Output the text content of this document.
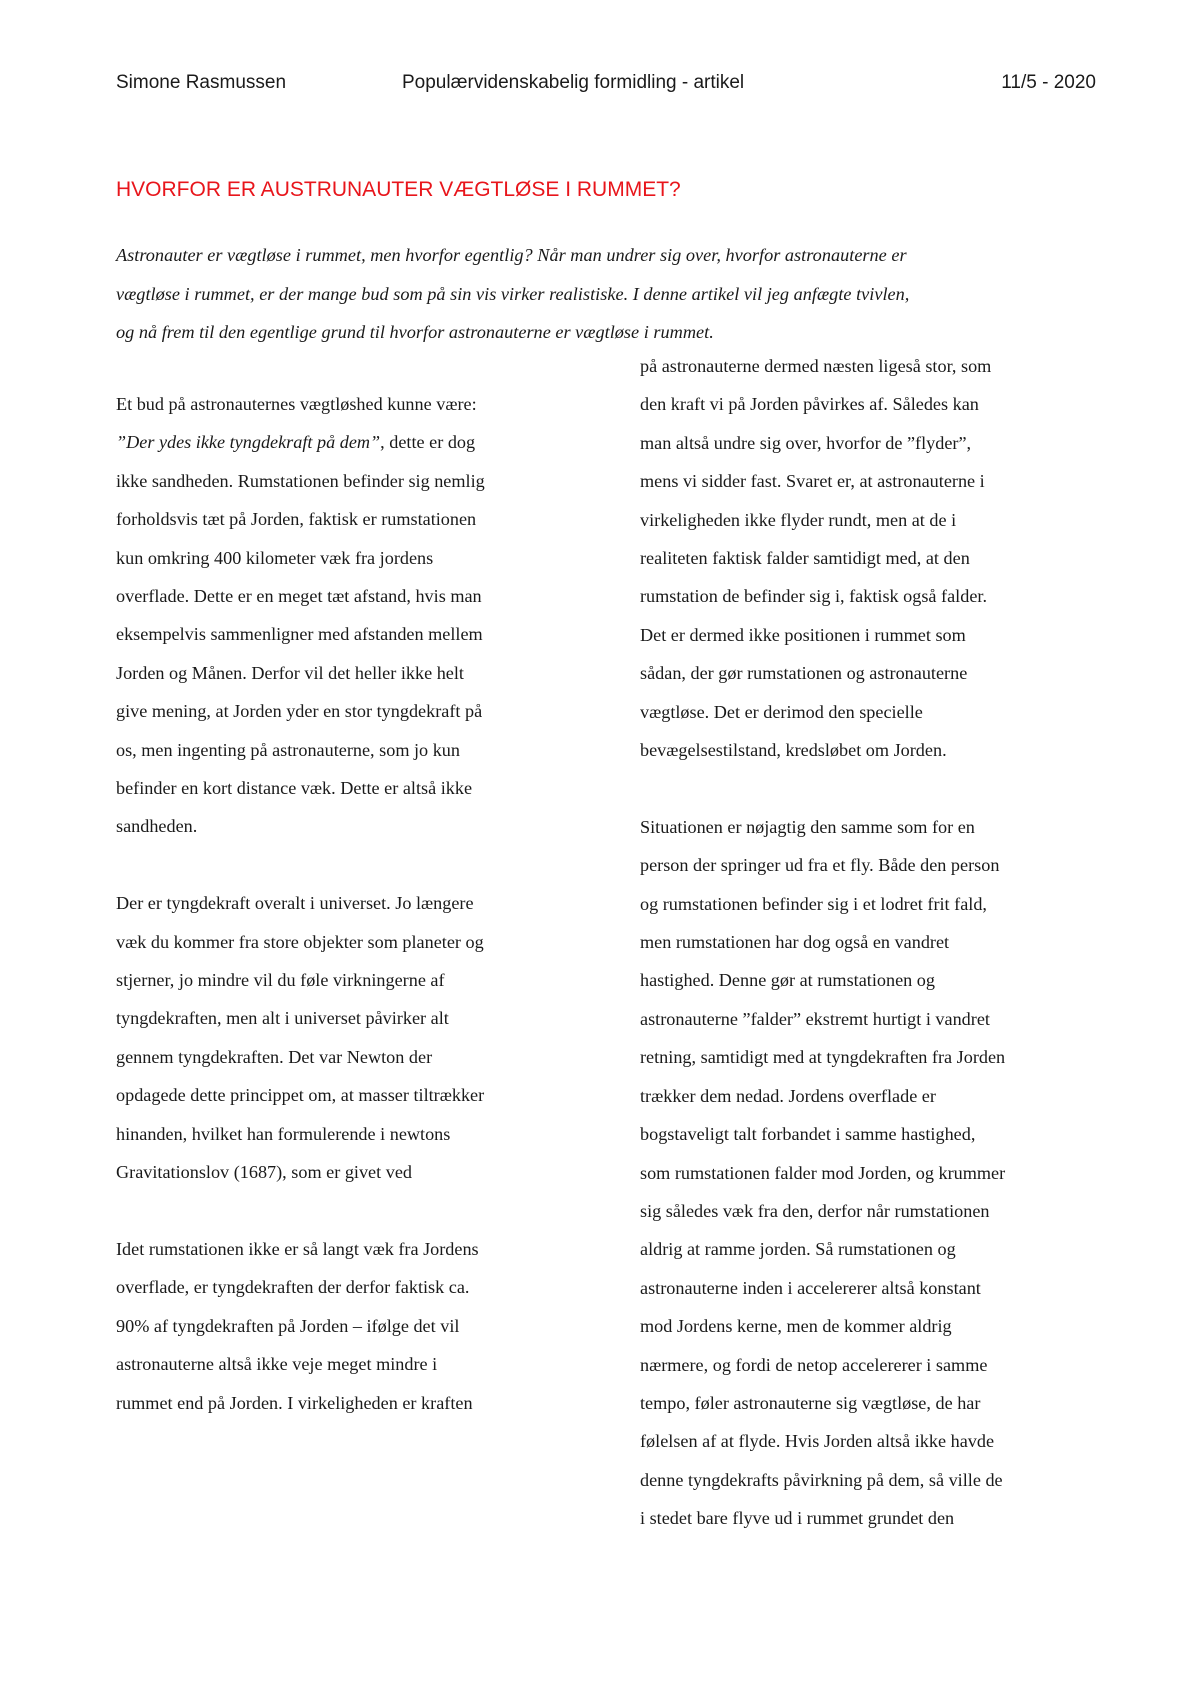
Simone Rasmussen	Populærvidenskabelig formidling - artikel	11/5 - 2020
HVORFOR ER AUSTRUNAUTER VÆGTLØSE I RUMMET?

Astronauter er vægtløse i rummet, men hvorfor egentlig? Når man undrer sig over, hvorfor astronauterne er
vægtløse i rummet, er der mange bud som på sin vis virker realistiske. I denne artikel vil jeg anfægte tvivlen,
og nå frem til den egentlige grund til hvorfor astronauterne er vægtløse i rummet.

Et bud på astronauternes vægtløshed kunne være:
”Der ydes ikke tyngdekraft på dem”, dette er dog
ikke sandheden. Rumstationen befinder sig nemlig
forholdsvis tæt på Jorden, faktisk er rumstationen
kun omkring 400 kilometer væk fra jordens
overflade. Dette er en meget tæt afstand, hvis man
eksempelvis sammenligner med afstanden mellem
Jorden og Månen. Derfor vil det heller ikke helt
give mening, at Jorden yder en stor tyngdekraft på
os, men ingenting på astronauterne, som jo kun
befinder en kort distance væk. Dette er altså ikke
sandheden.
Der er tyngdekraft overalt i universet. Jo længere
væk du kommer fra store objekter som planeter og
stjerner, jo mindre vil du føle virkningerne af
tyngdekraften, men alt i universet påvirker alt
gennem tyngdekraften. Det var Newton der
opdagede dette princippet om, at masser tiltrækker
hinanden, hvilket han formulerende i newtons
Gravitationslov (1687), som er givet ved
Idet rumstationen ikke er så langt væk fra Jordens
overflade, er tyngdekraften der derfor faktisk ca.
90% af tyngdekraften på Jorden – ifølge det vil
astronauterne altså ikke veje meget mindre i
rummet end på Jorden. I virkeligheden er kraften
på astronauterne dermed næsten ligeså stor, som
den kraft vi på Jorden påvirkes af. Således kan
man altså undre sig over, hvorfor de ”flyder”,
mens vi sidder fast. Svaret er, at astronauterne i
virkeligheden ikke flyder rundt, men at de i
realiteten faktisk falder samtidigt med, at den
rumstation de befinder sig i, faktisk også falder.
Det er dermed ikke positionen i rummet som
sådan, der gør rumstationen og astronauterne
vægtløse. Det er derimod den specielle
bevægelsestilstand, kredsløbet om Jorden.
Situationen er nøjagtig den samme som for en
person der springer ud fra et fly. Både den person
og rumstationen befinder sig i et lodret frit fald,
men rumstationen har dog også en vandret
hastighed. Denne gør at rumstationen og
astronauterne ”falder” ekstremt hurtigt i vandret
retning, samtidigt med at tyngdekraften fra Jorden
trækker dem nedad. Jordens overflade er
bogstaveligt talt forbandet i samme hastighed,
som rumstationen falder mod Jorden, og krummer
sig således væk fra den, derfor når rumstationen
aldrig at ramme jorden. Så rumstationen og
astronauterne inden i accelererer altså konstant
mod Jordens kerne, men de kommer aldrig
nærmere, og fordi de netop accelererer i samme
tempo, føler astronauterne sig vægtløse, de har
følelsen af at flyde. Hvis Jorden altså ikke havde
denne tyngdekrafts påvirkning på dem, så ville de
i stedet bare flyve ud i rummet grundet den
